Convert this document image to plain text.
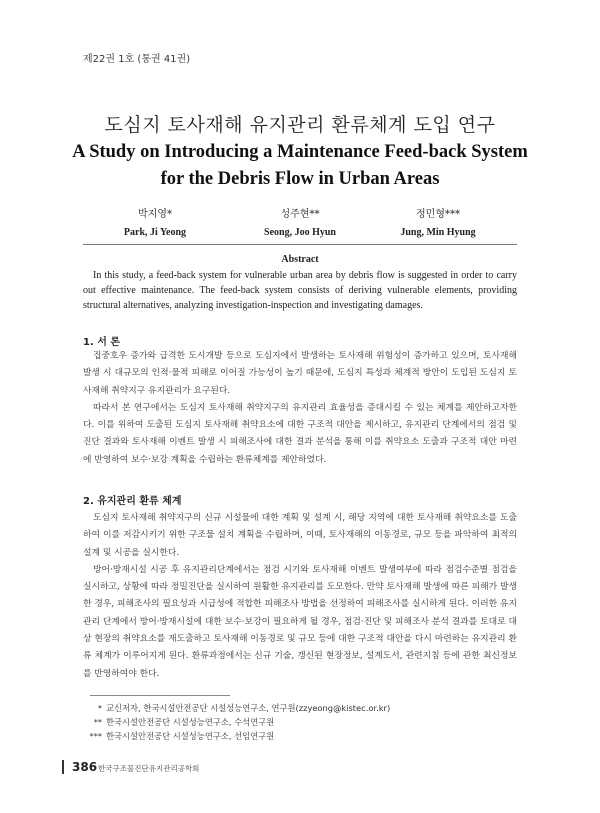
제22권 1호 (통권 41권)
도심지 토사재해 유지관리 환류체계 도입 연구
A Study on Introducing a Maintenance Feed-back System
for the Debris Flow in Urban Areas
박지영*
Park, Ji Yeong
성주현**
Seong, Joo Hyun
정민형***
Jung, Min Hyung
Abstract
In this study, a feed-back system for vulnerable urban area by debris flow is suggested in order to carry out effective maintenance. The feed-back system consists of deriving vulnerable elements, providing structural alternatives, analyzing investigation-inspection and investigating damages.
1. 서 론

집중호우 증가와 급격한 도시개발 등으로 도심지에서 발생하는 토사재해 위험성이 증가하고 있으며, 토사재해 발생 시 대규모의 인적·물적 피해로 이어질 가능성이 높기 때문에, 도심지 특성과 체계적 방안이 도입된 도심지 토사재해 취약지구 유지관리가 요구된다.

따라서 본 연구에서는 도심지 토사재해 취약지구의 유지관리 효율성을 증대시킬 수 있는 체계를 제안하고자한다. 이를 위하여 도출된 도심지 토사재해 취약요소에 대한 구조적 대안을 제시하고, 유지관리 단계에서의 점검 및 진단 결과와 토사재해 이벤트 발생 시 피해조사에 대한 결과 분석을 통해 이를 취약요소 도출과 구조적 대안 마련에 반영하여 보수·보강 계획을 수립하는 환류체계를 제안하였다.

2. 유지관리 환류 체계

도심지 토사재해 취약지구의 신규 시설물에 대한 계획 및 설계 시, 해당 지역에 대한 토사재해 취약요소를 도출하여 이를 저감시키기 위한 구조물 설치 계획을 수립하며, 이때, 토사재해의 이동경로, 규모 등을 파악하여 최적의 설계 및 시공을 실시한다.

방어·방재시설 시공 후 유지관리단계에서는 점검 시기와 토사재해 이벤트 발생여부에 따라 점검수준별 점검을 실시하고, 상황에 따라 정밀진단을 실시하여 원활한 유지관리를 도모한다. 만약 토사재해 발생에 따른 피해가 발생한 경우, 피해조사의 필요성과 시급성에 적합한 피해조사 방법을 선정하여 피해조사를 실시하게 된다. 이러한 유지관리 단계에서 방어·방재시설에 대한 보수·보강이 필요하게 될 경우, 점검·진단 및 피해조사 분석 결과를 토대로 대상 현장의 취약요소를 재도출하고 토사재해 이동경로 및 규모 등에 대한 구조적 대안을 다시 마련하는 유지관리 환류 체계가 이루어지게 된다. 환류과정에서는 신규 기술, 갱신된 현장정보, 설계도서, 관련지침 등에 관한 최신정보를 반영하여야 한다.

* 교신저자, 한국시설안전공단 시설성능연구소, 연구원(zzyeong@kistec.or.kr)
** 한국시설안전공단 시설성능연구소, 수석연구원
*** 한국시설안전공단 시설성능연구소, 선임연구원
386 한국구조물진단유지관리공학회
